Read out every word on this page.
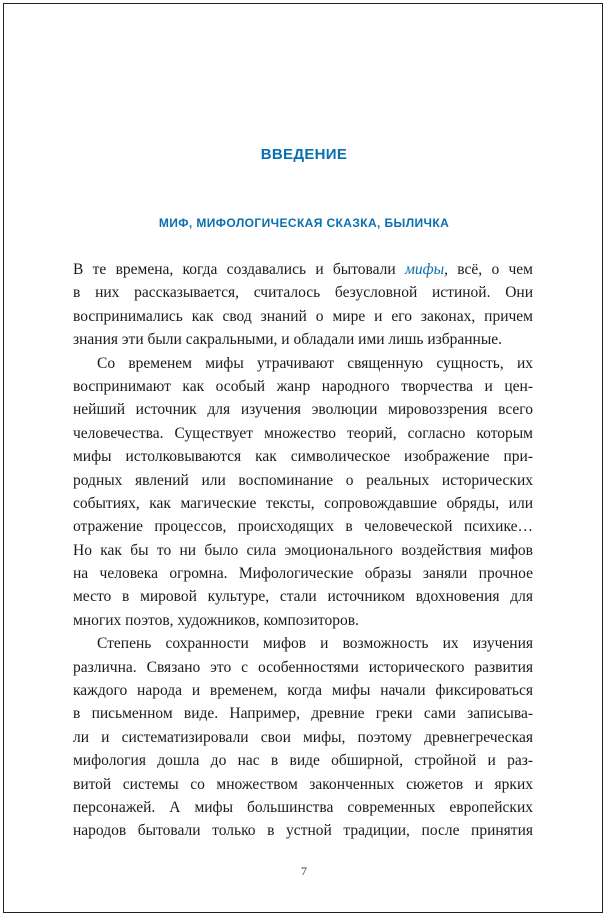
ВВЕДЕНИЕ
МИФ, МИФОЛОГИЧЕСКАЯ СКАЗКА, БЫЛИЧКА
В те времена, когда создавались и бытовали мифы, всё, о чем
в них рассказывается, считалось безусловной истиной. Они
воспринимались как свод знаний о мире и его законах, причем
знания эти были сакральными, и обладали ими лишь избранные.
Со временем мифы утрачивают священную сущность, их
воспринимают как особый жанр народного творчества и цен-
нейший источник для изучения эволюции мировоззрения всего
человечества. Существует множество теорий, согласно которым
мифы истолковываются как символическое изображение при-
родных явлений или воспоминание о реальных исторических
событиях, как магические тексты, сопровождавшие обряды, или
отражение процессов, происходящих в человеческой психике…
Но как бы то ни было сила эмоционального воздействия мифов
на человека огромна. Мифологические образы заняли прочное
место в мировой культуре, стали источником вдохновения для
многих поэтов, художников, композиторов.
Степень сохранности мифов и возможность их изучения
различна. Связано это с особенностями исторического развития
каждого народа и временем, когда мифы начали фиксироваться
в письменном виде. Например, древние греки сами записыва-
ли и систематизировали свои мифы, поэтому древнегреческая
мифология дошла до нас в виде обширной, стройной и раз-
витой системы со множеством законченных сюжетов и ярких
персонажей. А мифы большинства современных европейских
народов бытовали только в устной традиции, после принятия
7
